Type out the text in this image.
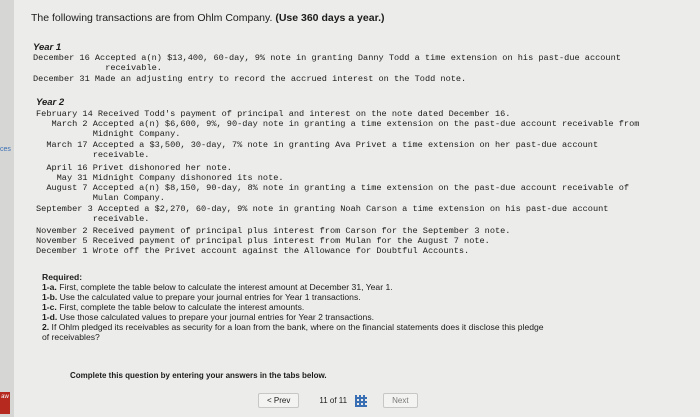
ces
aw
The following transactions are from Ohlm Company. (Use 360 days a year.)
Year 1
December 16 Accepted a(n) $13,400, 60-day, 9% note in granting Danny Todd a time extension on his past-due account
receivable.
December 31 Made an adjusting entry to record the accrued interest on the Todd note.
Year 2
February 14 Received Todd's payment of principal and interest on the note dated December 16.
March 2 Accepted a(n) $6,600, 9%, 90-day note in granting a time extension on the past-due account receivable from
Midnight Company.
March 17 Accepted a $3,500, 30-day, 7% note in granting Ava Privet a time extension on her past-due account
receivable.
April 16 Privet dishonored her note.
May 31 Midnight Company dishonored its note.
August 7 Accepted a(n) $8,150, 90-day, 8% note in granting a time extension on the past-due account receivable of
Mulan Company.
September 3 Accepted a $2,270, 60-day, 9% note in granting Noah Carson a time extension on his past-due account
receivable.
November 2 Received payment of principal plus interest from Carson for the September 3 note.
November 5 Received payment of principal plus interest from Mulan for the August 7 note.
December 1 Wrote off the Privet account against the Allowance for Doubtful Accounts.
Required:
1-a. First, complete the table below to calculate the interest amount at December 31, Year 1.
1-b. Use the calculated value to prepare your journal entries for Year 1 transactions.
1-c. First, complete the table below to calculate the interest amounts.
1-d. Use those calculated values to prepare your journal entries for Year 2 transactions.
2. If Ohlm pledged its receivables as security for a loan from the bank, where on the financial statements does it disclose this pledge
of receivables?
Complete this question by entering your answers in the tabs below.
< Prev	11
of
11	Next
